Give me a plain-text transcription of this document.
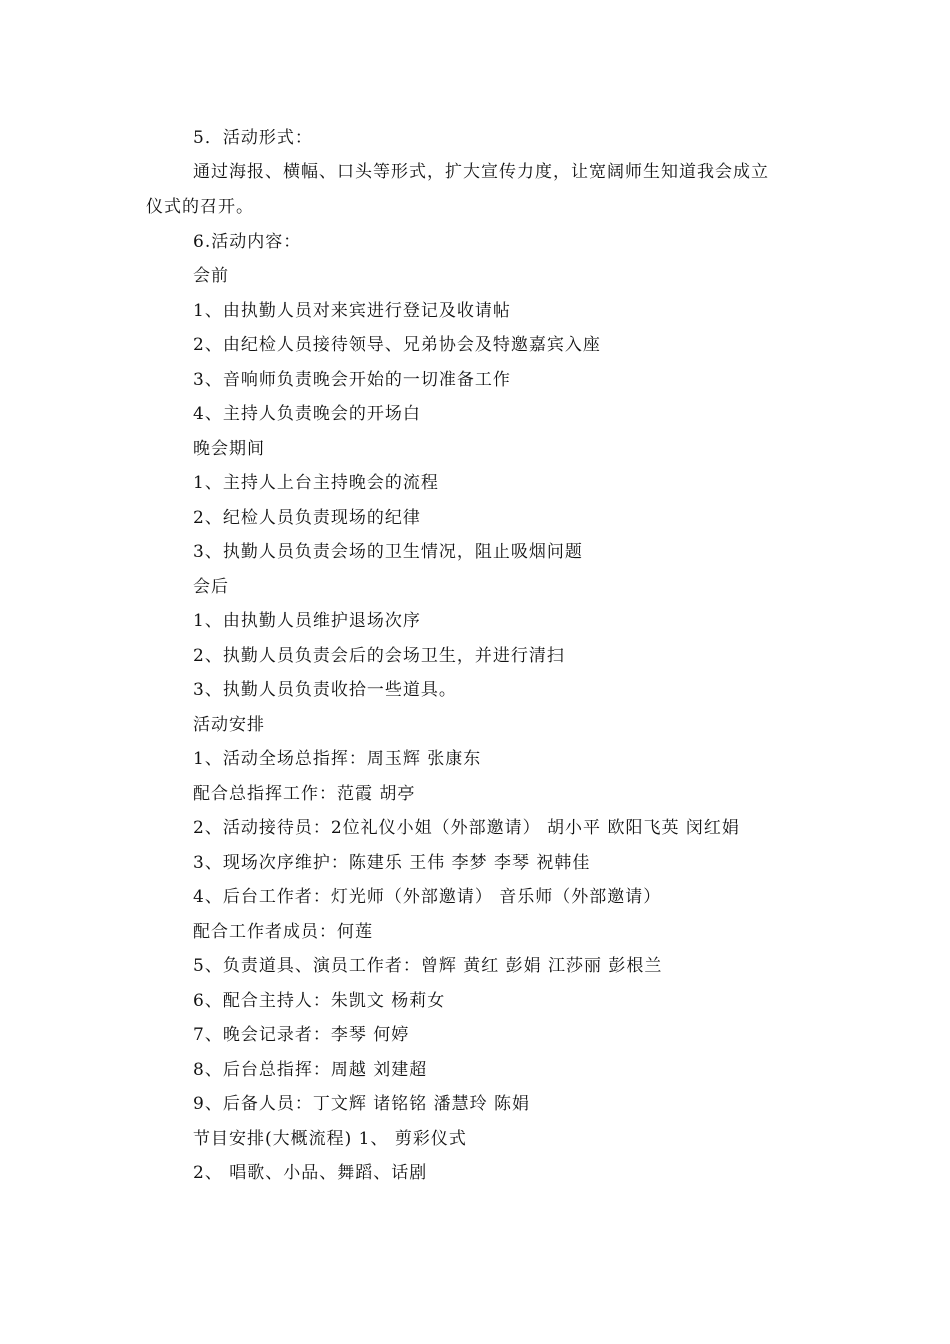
5．活动形式：
通过海报、横幅、口头等形式，扩大宣传力度，让宽阔师生知道我会成立
仪式的召开。
6.活动内容：
会前
1、由执勤人员对来宾进行登记及收请帖
2、由纪检人员接待领导、兄弟协会及特邀嘉宾入座
3、音响师负责晚会开始的一切准备工作
4、主持人负责晚会的开场白
晚会期间
1、主持人上台主持晚会的流程
2、纪检人员负责现场的纪律
3、执勤人员负责会场的卫生情况，阻止吸烟问题
会后
1、由执勤人员维护退场次序
2、执勤人员负责会后的会场卫生，并进行清扫
3、执勤人员负责收拾一些道具。
活动安排
1、活动全场总指挥：周玉辉 张康东
配合总指挥工作：范霞 胡亭
2、活动接待员：2位礼仪小姐（外部邀请） 胡小平 欧阳飞英 闵红娟
3、现场次序维护：陈建乐 王伟 李梦 李琴 祝韩佳
4、后台工作者：灯光师（外部邀请） 音乐师（外部邀请）
配合工作者成员：何莲
5、负责道具、演员工作者：曾辉 黄红 彭娟 江莎丽 彭根兰
6、配合主持人：朱凯文 杨莉女
7、晚会记录者：李琴 何婷
8、后台总指挥：周越 刘建超
9、后备人员：丁文辉 诸铭铭 潘慧玲 陈娟
节目安排(大概流程) 1、 剪彩仪式
2、 唱歌、小品、舞蹈、话剧
